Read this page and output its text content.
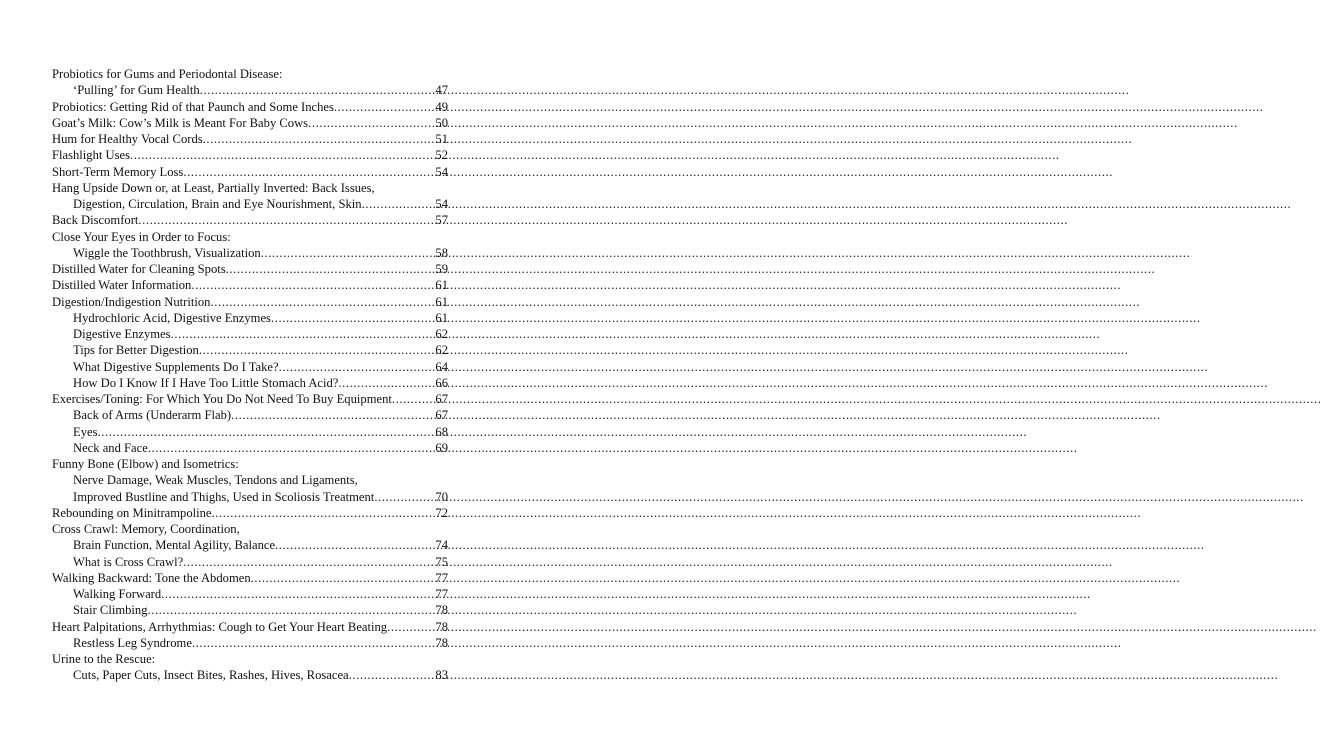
Probiotics for Gums and Periodontal Disease:
‘Pulling’ for Gum Health .....	47
Probiotics: Getting Rid of that Paunch and Some Inches .....	49
Goat’s Milk: Cow’s Milk is Meant For Baby Cows .....	50
Hum for Healthy Vocal Cords .....	51
Flashlight Uses .....	52
Short-Term Memory Loss .....	54
Hang Upside Down or, at Least, Partially Inverted: Back Issues,
Digestion, Circulation, Brain and Eye Nourishment, Skin .....	54
Back Discomfort .....	57
Close Your Eyes in Order to Focus:
Wiggle the Toothbrush, Visualization .....	58
Distilled Water for Cleaning Spots .....	59
Distilled Water Information .....	61
Digestion/Indigestion Nutrition .....	61
Hydrochloric Acid, Digestive Enzymes .....	61
Digestive Enzymes .....	62
Tips for Better Digestion .....	62
What Digestive Supplements Do I Take? .....	64
How Do I Know If I Have Too Little Stomach Acid? .....	66
Exercises/Toning: For Which You Do Not Need To Buy Equipment .....	67
Back of Arms (Underarm Flab) .....	67
Eyes .....	68
Neck and Face .....	69
Funny Bone (Elbow) and Isometrics:
Nerve Damage, Weak Muscles, Tendons and Ligaments,
Improved Bustline and Thighs, Used in Scoliosis Treatment .....	70
Rebounding on Minitrampoline .....	72
Cross Crawl: Memory, Coordination,
Brain Function, Mental Agility, Balance .....	74
What is Cross Crawl? .....	75
Walking Backward: Tone the Abdomen .....	77
Walking Forward .....	77
Stair Climbing .....	78
Heart Palpitations, Arrhythmias: Cough to Get Your Heart Beating .....	78
Restless Leg Syndrome .....	78
Urine to the Rescue:
Cuts, Paper Cuts, Insect Bites, Rashes, Hives, Rosacea .....	83
